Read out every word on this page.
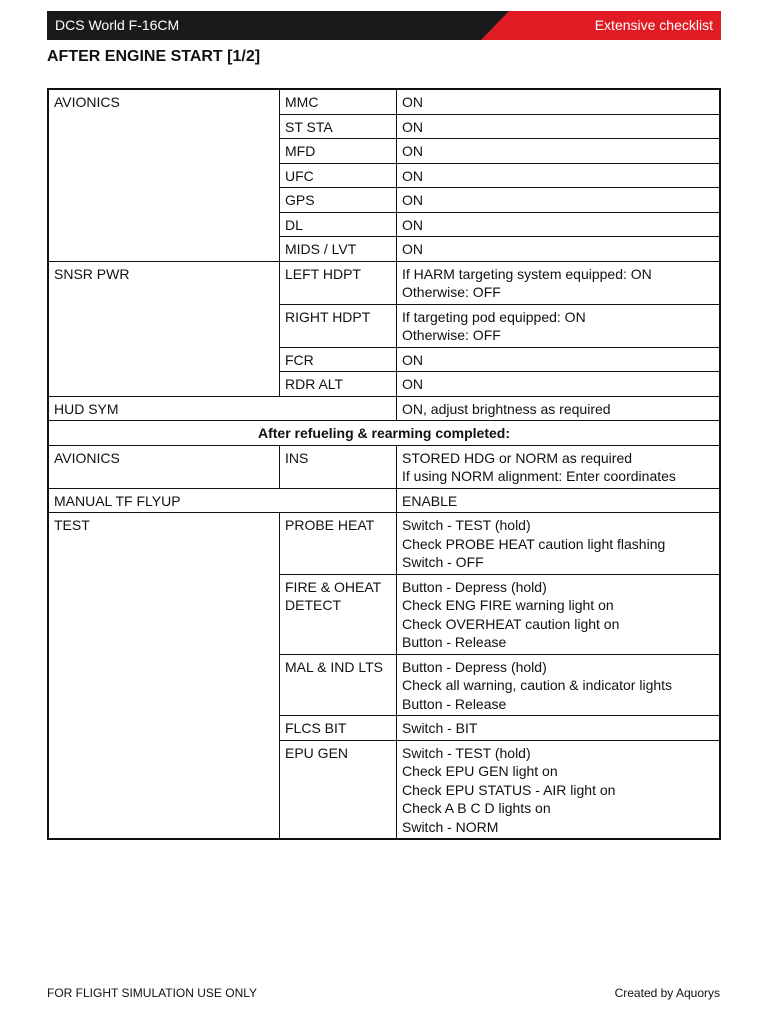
DCS World F-16CM	Extensive checklist
AFTER ENGINE START [1/2]
AVIONICS	MMC	ON

	ST STA	ON

	MFD	ON

	UFC	ON

	GPS	ON

	DL	ON

	MIDS / LVT	ON

SNSR PWR	LEFT HDPT	If HARM targeting system equipped: ON
Otherwise: OFF

	RIGHT HDPT	If targeting pod equipped: ON
Otherwise: OFF

	FCR	ON

	RDR ALT	ON

HUD SYM		ON, adjust brightness as required

After refueling & rearming completed:		
AVIONICS	INS	STORED HDG or NORM as required
If using NORM alignment: Enter coordinates

MANUAL TF FLYUP		ENABLE

TEST	PROBE HEAT	Switch - TEST (hold)
Check PROBE HEAT caution light flashing
Switch - OFF

	FIRE & OHEAT DETECT	Button - Depress (hold)
Check ENG FIRE warning light on
Check OVERHEAT caution light on
Button - Release

	MAL & IND LTS	Button - Depress (hold)
Check all warning, caution & indicator lights
Button - Release

	FLCS BIT	Switch - BIT

	EPU GEN	Switch - TEST (hold)
Check EPU GEN light on
Check EPU STATUS - AIR light on
Check A B C D lights on
Switch - NORM
FOR FLIGHT SIMULATION USE ONLY	Created by Aquorys
